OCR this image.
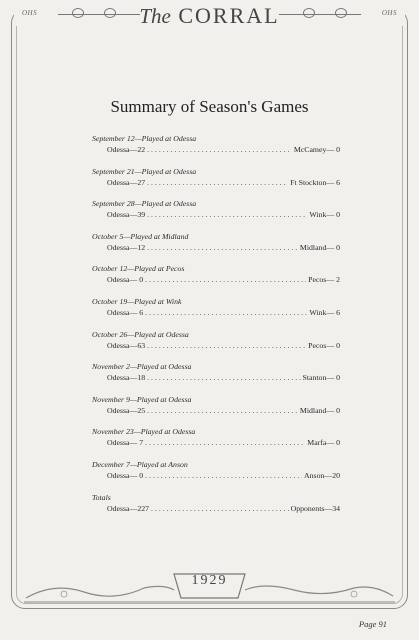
OHS	OHS
The CORRAL
Summary of Season's Games
September 12—Played at Odessa
Odessa—22 . . .	McCamey— 0
September 21—Played at Odessa
Odessa—27 . . .	Ft Stockton— 6
September 28—Played at Odessa
Odessa—39 . . .	Wink— 0
October 5—Played at Midland
Odessa—12 . . .	Midland— 0
October 12—Played at Pecos
Odessa— 0 . . .	Pecos— 2
October 19—Played at Wink
Odessa— 6 . . .	Wink— 6
October 26—Played at Odessa
Odessa—63 . . .	Pecos— 0
November 2—Played at Odessa
Odessa—18 . . .	Stanton— 0
November 9—Played at Odessa
Odessa—25 . . .	Midland— 0
November 23—Played at Odessa
Odessa— 7 . . .	Marfa— 0
December 7—Played at Anson
Odessa— 0 . . .	Anson—20
Totals
Odessa—227 . . .	Opponents—34
1929
Page 91
